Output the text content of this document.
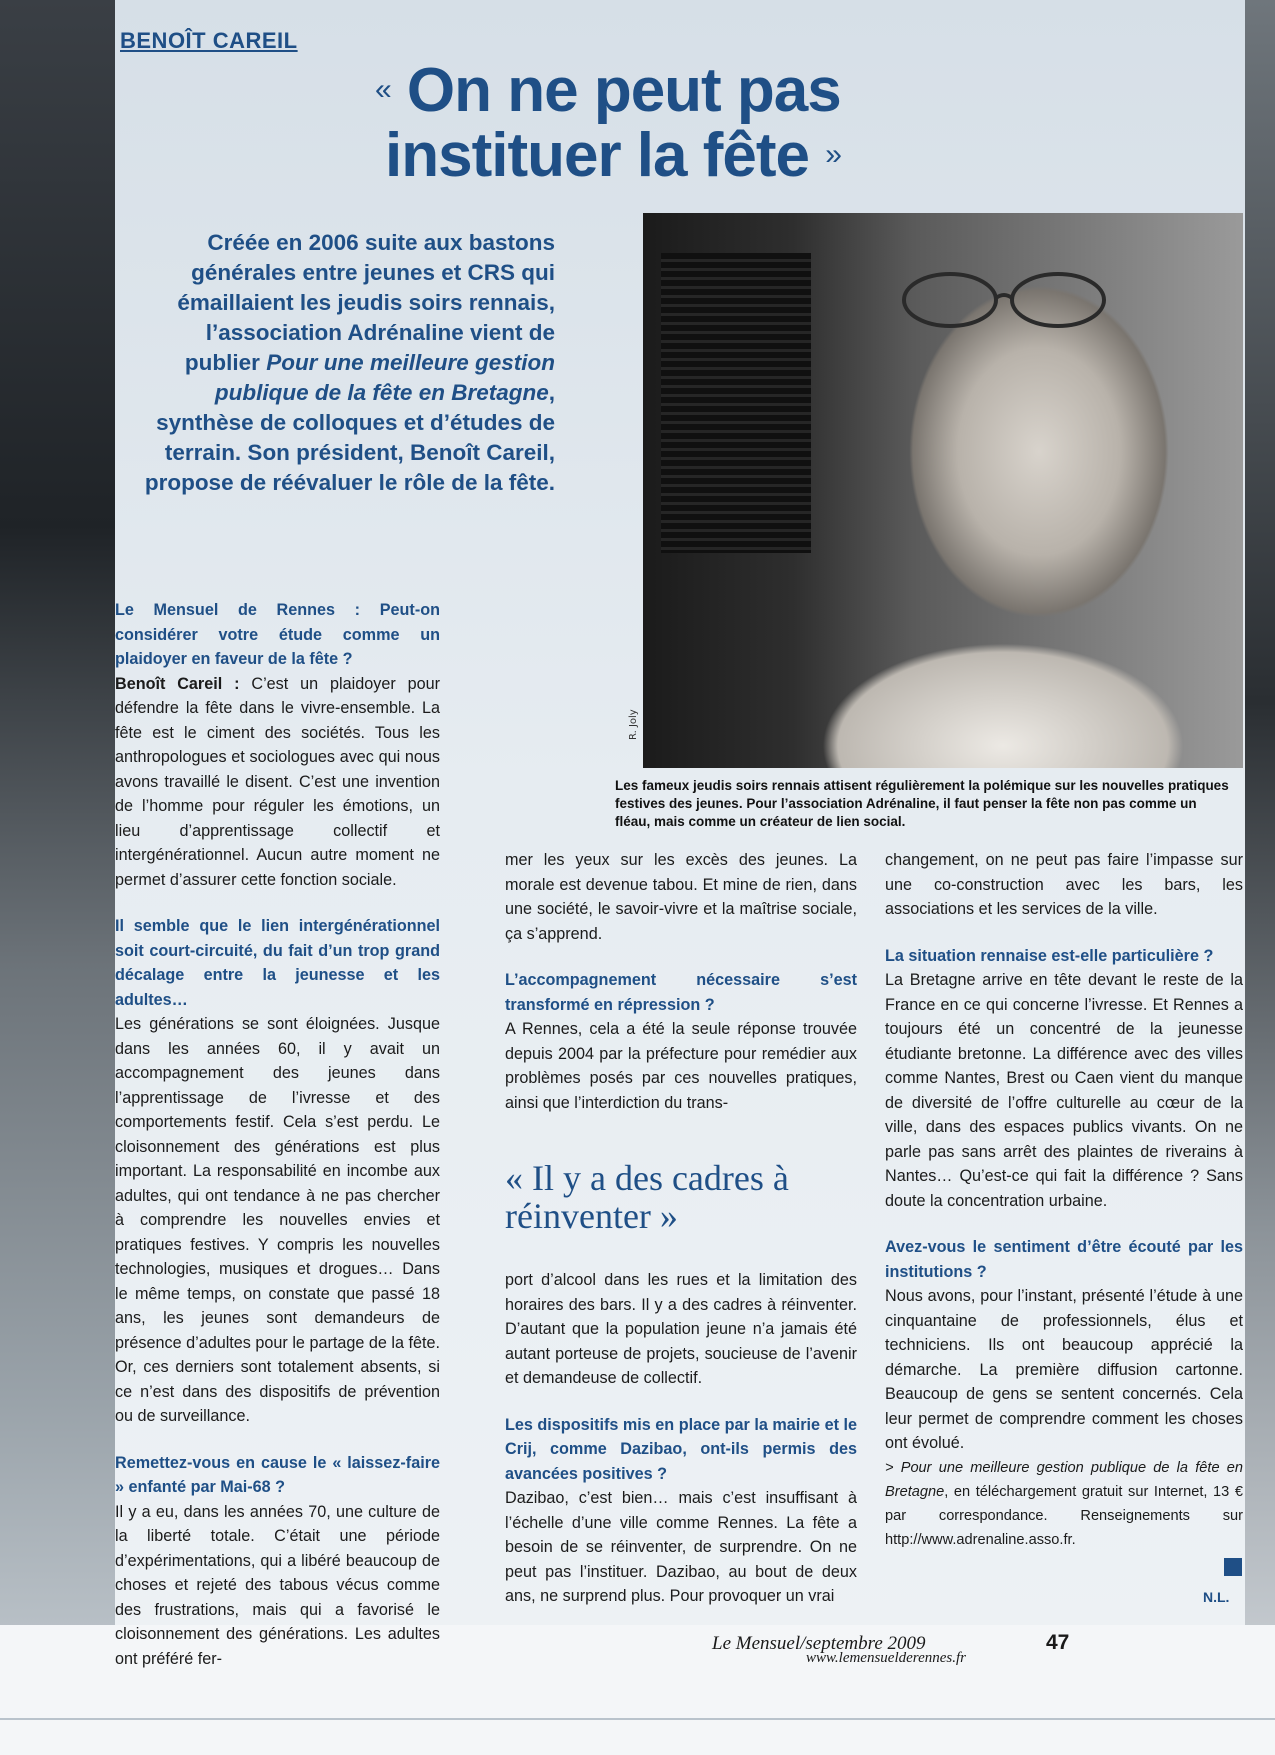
BENOÎT CAREIL
« On ne peut pas
instituer la fête »
Créée en 2006 suite aux bastons générales entre jeunes et CRS qui émaillaient les jeudis soirs rennais, l’association Adrénaline vient de publier Pour une meilleure gestion publique de la fête en Bretagne, synthèse de colloques et d’études de terrain. Son président, Benoît Careil, propose de réévaluer le rôle de la fête.
R. Joly

Les fameux jeudis soirs rennais attisent régulièrement la polémique sur les nouvelles pratiques festives des jeunes. Pour l’association Adrénaline, il faut penser la fête non pas comme un fléau, mais comme un créateur de lien social.

Le Mensuel de Rennes : Peut-on considérer votre étude comme un plaidoyer en faveur de la fête ?

Benoît Careil : C’est un plaidoyer pour défendre la fête dans le vivre-ensemble. La fête est le ciment des sociétés. Tous les anthropologues et sociologues avec qui nous avons travaillé le disent. C’est une invention de l’homme pour réguler les émotions, un lieu d’apprentissage collectif et intergénérationnel. Aucun autre moment ne permet d’assurer cette fonction sociale.

Il semble que le lien intergénérationnel soit court-circuité, du fait d’un trop grand décalage entre la jeunesse et les adultes…

Les générations se sont éloignées. Jusque dans les années 60, il y avait un accompagnement des jeunes dans l’apprentissage de l’ivresse et des comportements festif. Cela s’est perdu. Le cloisonnement des générations est plus important. La responsabilité en incombe aux adultes, qui ont tendance à ne pas chercher à comprendre les nouvelles envies et pratiques festives. Y compris les nouvelles technologies, musiques et drogues… Dans le même temps, on constate que passé 18 ans, les jeunes sont demandeurs de présence d’adultes pour le partage de la fête. Or, ces derniers sont totalement absents, si ce n’est dans des dispositifs de prévention ou de surveillance.

Remettez-vous en cause le « laissez-faire » enfanté par Mai-68 ?

Il y a eu, dans les années 70, une culture de la liberté totale. C’était une période d’expérimentations, qui a libéré beaucoup de choses et rejeté des tabous vécus comme des frustrations, mais qui a favorisé le cloisonnement des générations. Les adultes ont préféré fer-

mer les yeux sur les excès des jeunes. La morale est devenue tabou. Et mine de rien, dans une société, le savoir-vivre et la maîtrise sociale, ça s’apprend.

L’accompagnement nécessaire s’est transformé en répression ?

A Rennes, cela a été la seule réponse trouvée depuis 2004 par la préfecture pour remédier aux problèmes posés par ces nouvelles pratiques, ainsi que l’interdiction du trans-

« Il y a des cadres à réinventer »

port d’alcool dans les rues et la limitation des horaires des bars. Il y a des cadres à réinventer. D’autant que la population jeune n’a jamais été autant porteuse de projets, soucieuse de l’avenir et demandeuse de collectif.

Les dispositifs mis en place par la mairie et le Crij, comme Dazibao, ont-ils permis des avancées positives ?

Dazibao, c’est bien… mais c’est insuffisant à l’échelle d’une ville comme Rennes. La fête a besoin de se réinventer, de surprendre. On ne peut pas l’instituer. Dazibao, au bout de deux ans, ne surprend plus. Pour provoquer un vrai

changement, on ne peut pas faire l’impasse sur une co-construction avec les bars, les associations et les services de la ville.

La situation rennaise est-elle particulière ?

La Bretagne arrive en tête devant le reste de la France en ce qui concerne l’ivresse. Et Rennes a toujours été un concentré de la jeunesse étudiante bretonne. La différence avec des villes comme Nantes, Brest ou Caen vient du manque de diversité de l’offre culturelle au cœur de la ville, dans des espaces publics vivants. On ne parle pas sans arrêt des plaintes de riverains à Nantes… Qu’est-ce qui fait la différence ? Sans doute la concentration urbaine.

Avez-vous le sentiment d’être écouté par les institutions ?

Nous avons, pour l’instant, présenté l’étude à une cinquantaine de professionnels, élus et techniciens. Ils ont beaucoup apprécié la démarche. La première diffusion cartonne. Beaucoup de gens se sentent concernés. Cela leur permet de comprendre comment les choses ont évolué.

> Pour une meilleure gestion publique de la fête en Bretagne, en téléchargement gratuit sur Internet, 13 € par correspondance. Renseignements sur http://www.adrenaline.asso.fr.

N.L.
Le Mensuel/septembre 2009
www.lemensuelderennes.fr
47
